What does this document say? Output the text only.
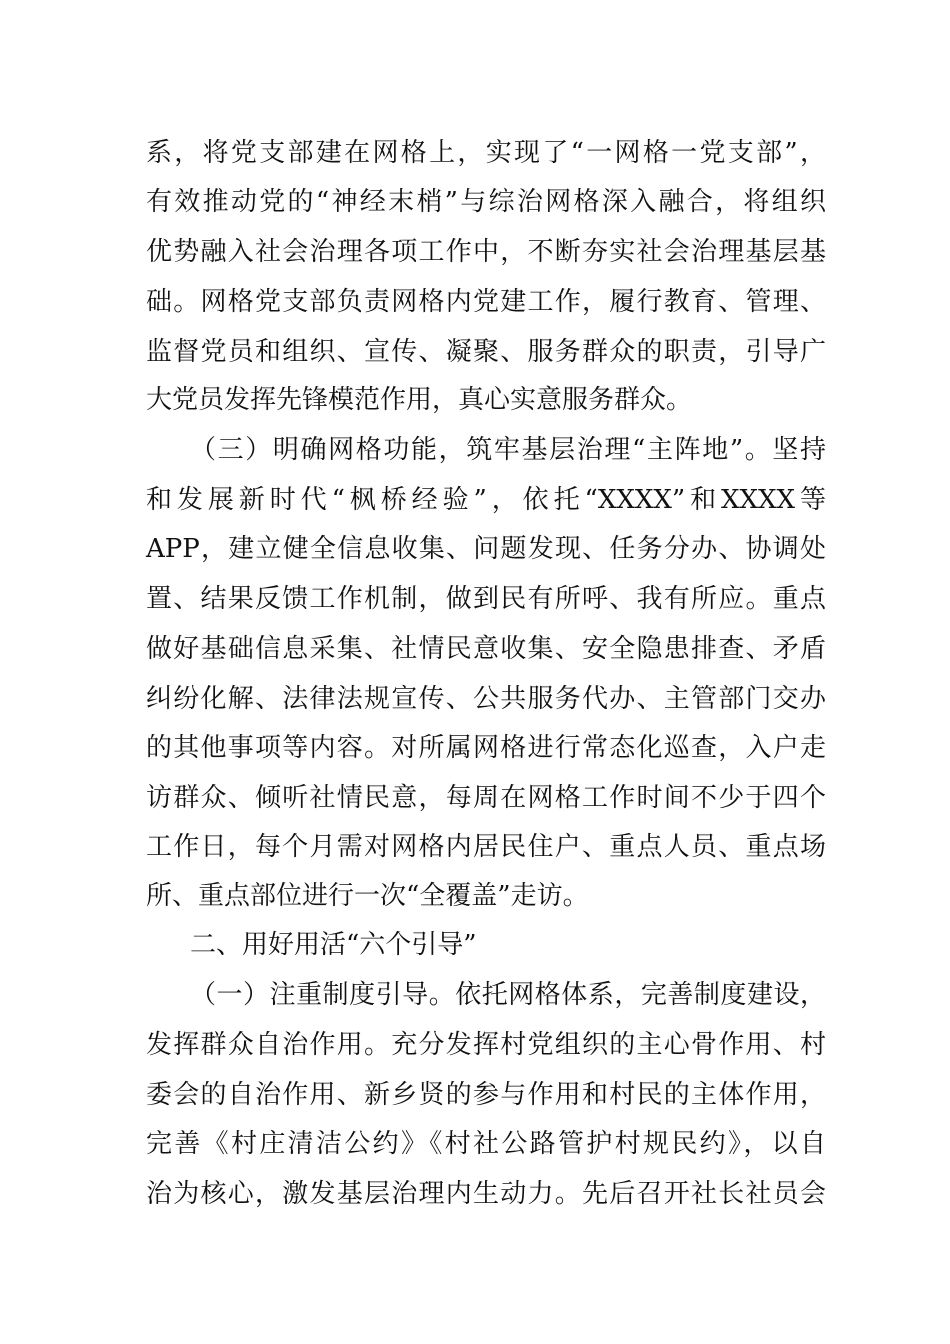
系，将党支部建在网格上，实现了“一网格一党支部”，
有效推动党的“神经末梢”与综治网格深入融合，将组织
优势融入社会治理各项工作中，不断夯实社会治理基层基
础。网格党支部负责网格内党建工作，履行教育、管理、
监督党员和组织、宣传、凝聚、服务群众的职责，引导广
大党员发挥先锋模范作用，真心实意服务群众。
（三）明确网格功能，筑牢基层治理“主阵地”。坚持
和发展新时代“枫桥经验”，依托“XXXX”和XXXX等
APP，建立健全信息收集、问题发现、任务分办、协调处
置、结果反馈工作机制，做到民有所呼、我有所应。重点
做好基础信息采集、社情民意收集、安全隐患排查、矛盾
纠纷化解、法律法规宣传、公共服务代办、主管部门交办
的其他事项等内容。对所属网格进行常态化巡查，入户走
访群众、倾听社情民意，每周在网格工作时间不少于四个
工作日，每个月需对网格内居民住户、重点人员、重点场
所、重点部位进行一次“全覆盖”走访。
二、用好用活“六个引导”
（一）注重制度引导。依托网格体系，完善制度建设，
发挥群众自治作用。充分发挥村党组织的主心骨作用、村
委会的自治作用、新乡贤的参与作用和村民的主体作用，
完善《村庄清洁公约》《村社公路管护村规民约》，以自
治为核心，激发基层治理内生动力。先后召开社长社员会
